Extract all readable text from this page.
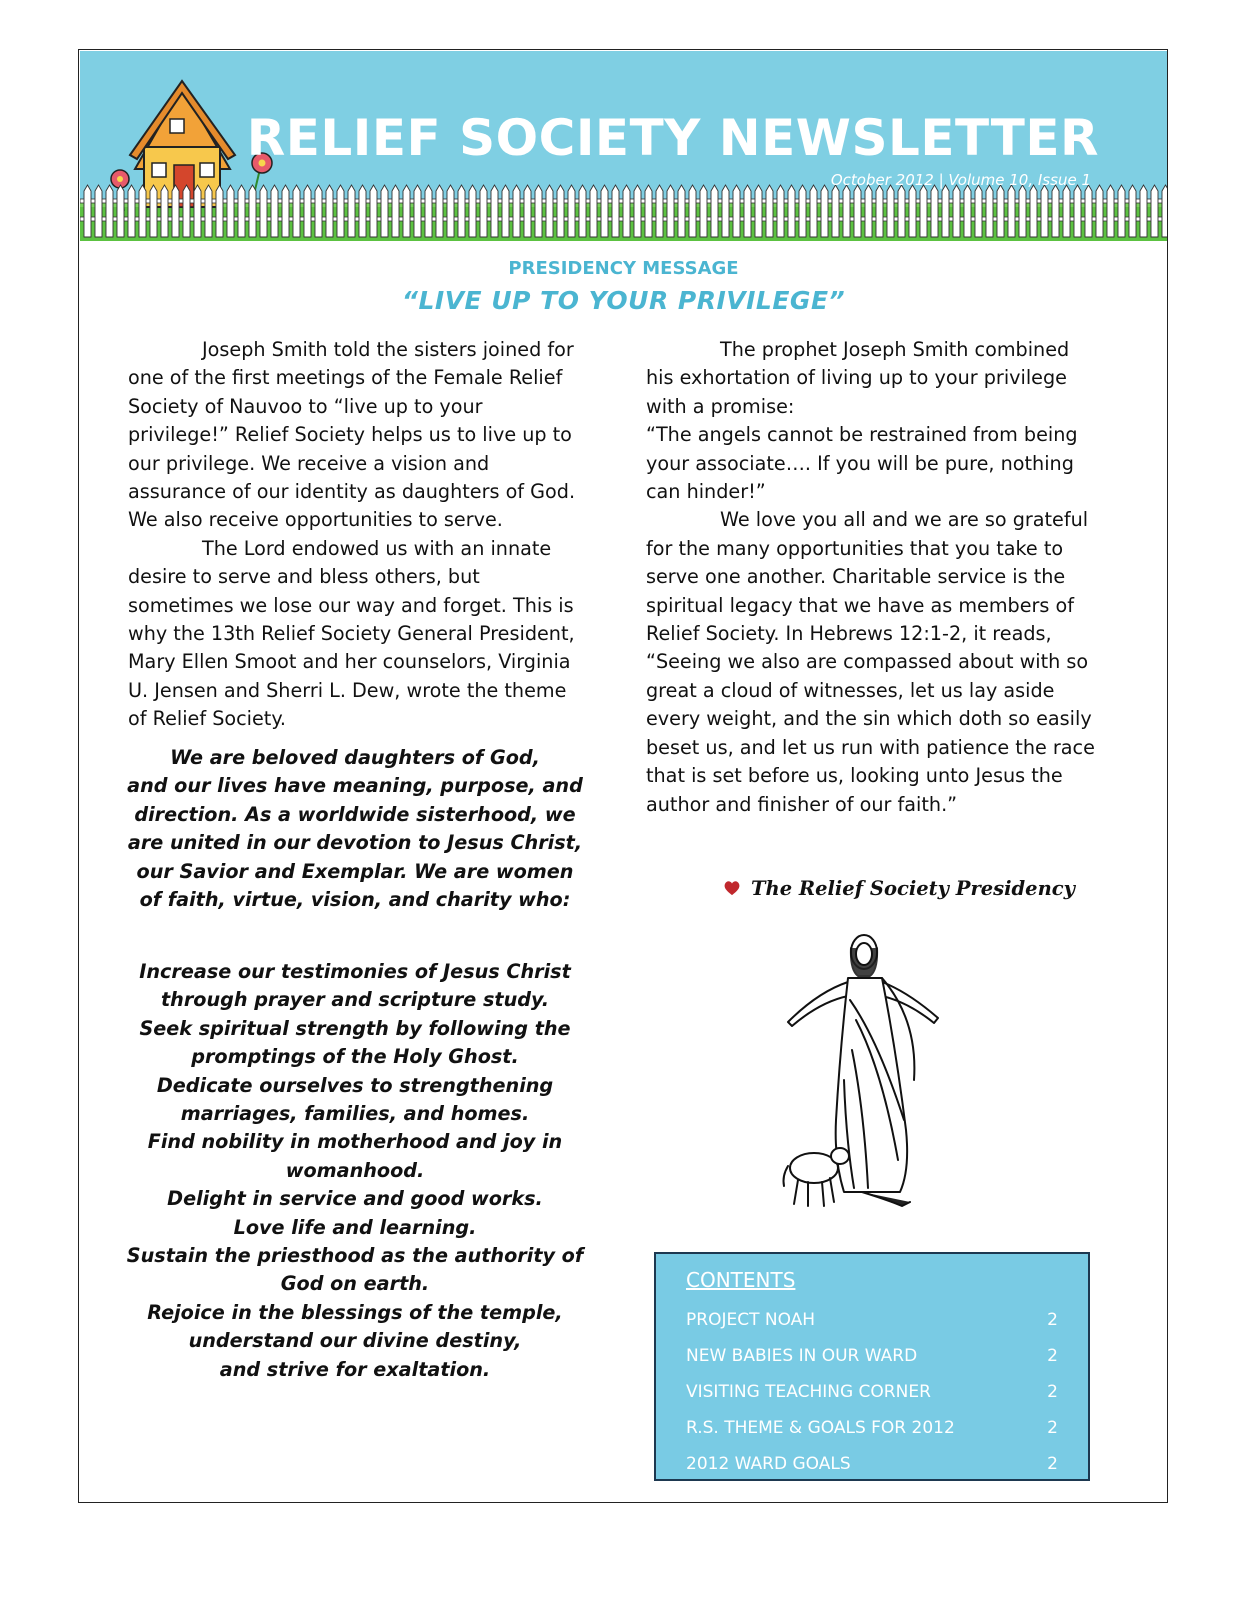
RELIEF SOCIETY NEWSLETTER
October 2012 | Volume 10, Issue 1
PRESIDENCY MESSAGE
“LIVE UP TO YOUR PRIVILEGE”

Joseph Smith told the sisters joined for one of the first meetings of the Female Relief Society of Nauvoo to “live up to your privilege!” Relief Society helps us to live up to our privilege. We receive a vision and assurance of our identity as daughters of God. We also receive opportunities to serve.

The Lord endowed us with an innate desire to serve and bless others, but sometimes we lose our way and forget. This is why the 13th Relief Society General President, Mary Ellen Smoot and her counselors, Virginia U. Jensen and Sherri L. Dew, wrote the theme of Relief Society.

We are beloved daughters of God,

and our lives have meaning, purpose, and

direction. As a worldwide sisterhood, we

are united in our devotion to Jesus Christ,

our Savior and Exemplar. We are women

of faith, virtue, vision, and charity who:

Increase our testimonies of Jesus Christ

through prayer and scripture study.

Seek spiritual strength by following the

promptings of the Holy Ghost.

Dedicate ourselves to strengthening

marriages, families, and homes.

Find nobility in motherhood and joy in

womanhood.

Delight in service and good works.

Love life and learning.

Sustain the priesthood as the authority of

God on earth.

Rejoice in the blessings of the temple,

understand our divine destiny,

and strive for exaltation.

The prophet Joseph Smith combined his exhortation of living up to your privilege with a promise:

“The angels cannot be restrained from being your associate…. If you will be pure, nothing can hinder!”

We love you all and we are so grateful for the many opportunities that you take to serve one another. Charitable service is the spiritual legacy that we have as members of Relief Society. In Hebrews 12:1-2, it reads, “Seeing we also are compassed about with so great a cloud of witnesses, let us lay aside every weight, and the sin which doth so easily beset us, and let us run with patience the race that is set before us, looking unto Jesus the author and finisher of our faith.”

The Relief Society Presidency
CONTENTS
PROJECT NOAH	2
NEW BABIES IN OUR WARD	2
VISITING TEACHING CORNER	2
R.S. THEME & GOALS FOR 2012	2
2012 WARD GOALS	2
